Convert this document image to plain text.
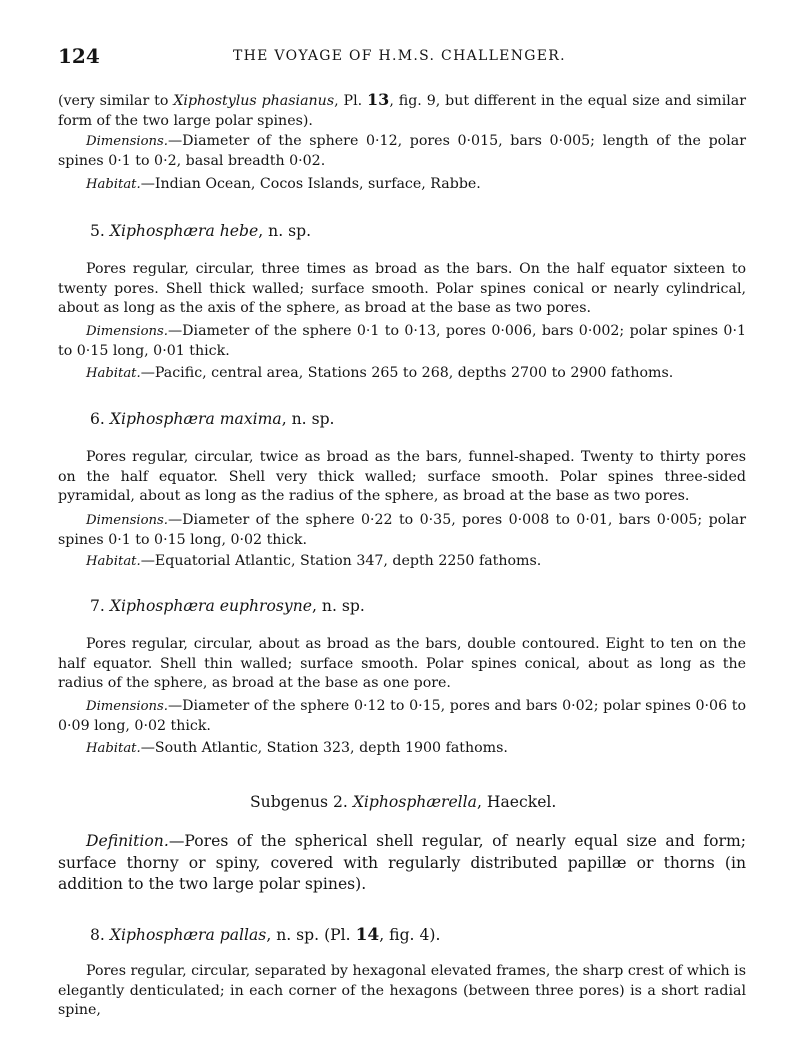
124	THE VOYAGE OF H.M.S. CHALLENGER.

(very similar to Xiphostylus phasianus, Pl. 13, fig. 9, but different in the equal size and similar form of the two large polar spines).

Dimensions.—Diameter of the sphere 0·12, pores 0·015, bars 0·005; length of the polar spines 0·1 to 0·2, basal breadth 0·02.

Habitat.—Indian Ocean, Cocos Islands, surface, Rabbe.

5. Xiphosphæra hebe, n. sp.

Pores regular, circular, three times as broad as the bars. On the half equator sixteen to twenty pores. Shell thick walled; surface smooth. Polar spines conical or nearly cylindrical, about as long as the axis of the sphere, as broad at the base as two pores.

Dimensions.—Diameter of the sphere 0·1 to 0·13, pores 0·006, bars 0·002; polar spines 0·1 to 0·15 long, 0·01 thick.

Habitat.—Pacific, central area, Stations 265 to 268, depths 2700 to 2900 fathoms.

6. Xiphosphæra maxima, n. sp.

Pores regular, circular, twice as broad as the bars, funnel-shaped. Twenty to thirty pores on the half equator. Shell very thick walled; surface smooth. Polar spines three-sided pyramidal, about as long as the radius of the sphere, as broad at the base as two pores.

Dimensions.—Diameter of the sphere 0·22 to 0·35, pores 0·008 to 0·01, bars 0·005; polar spines 0·1 to 0·15 long, 0·02 thick.

Habitat.—Equatorial Atlantic, Station 347, depth 2250 fathoms.

7. Xiphosphæra euphrosyne, n. sp.

Pores regular, circular, about as broad as the bars, double contoured. Eight to ten on the half equator. Shell thin walled; surface smooth. Polar spines conical, about as long as the radius of the sphere, as broad at the base as one pore.

Dimensions.—Diameter of the sphere 0·12 to 0·15, pores and bars 0·02; polar spines 0·06 to 0·09 long, 0·02 thick.

Habitat.—South Atlantic, Station 323, depth 1900 fathoms.

Subgenus 2. Xiphosphærella, Haeckel.

Definition.—Pores of the spherical shell regular, of nearly equal size and form; surface thorny or spiny, covered with regularly distributed papillæ or thorns (in addition to the two large polar spines).

8. Xiphosphæra pallas, n. sp. (Pl. 14, fig. 4).

Pores regular, circular, separated by hexagonal elevated frames, the sharp crest of which is elegantly denticulated; in each corner of the hexagons (between three pores) is a short radial spine,
